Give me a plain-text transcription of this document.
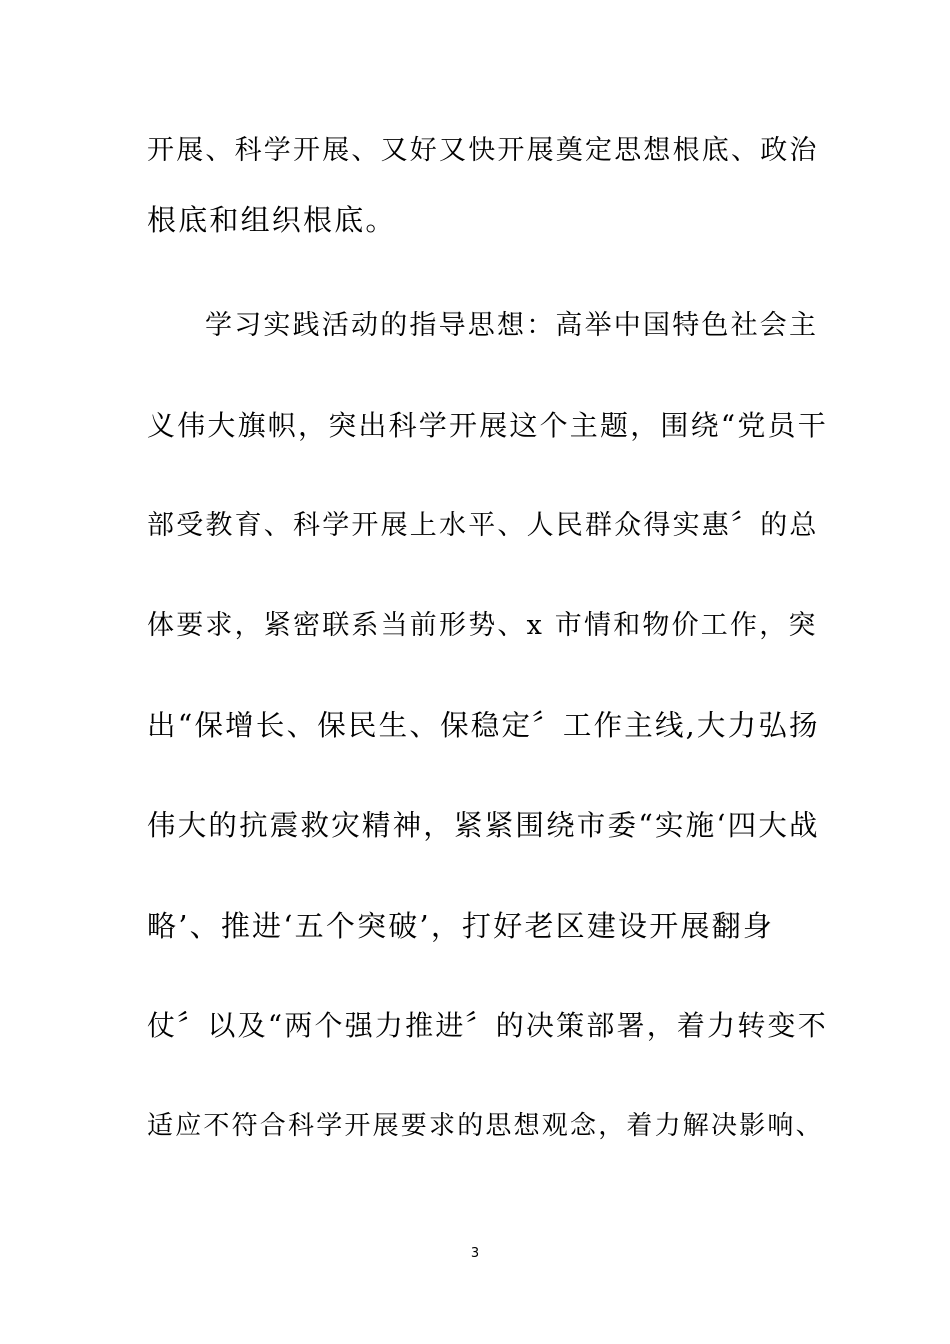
开展、科学开展、又好又快开展奠定思想根底、政治
根底和组织根底。
学习实践活动的指导思想：高举中国特色社会主
义伟大旗帜，突出科学开展这个主题，围绕“党员干
部受教育、科学开展上水平、人民群众得实惠〞的总
体要求，紧密联系当前形势、x 市情和物价工作，突
出“保增长、保民生、保稳定〞工作主线,大力弘扬
伟大的抗震救灾精神，紧紧围绕市委“实施‘四大战
略’、推进‘五个突破’，打好老区建设开展翻身
仗〞以及“两个强力推进〞的决策部署，着力转变不
适应不符合科学开展要求的思想观念，着力解决影响、
3
